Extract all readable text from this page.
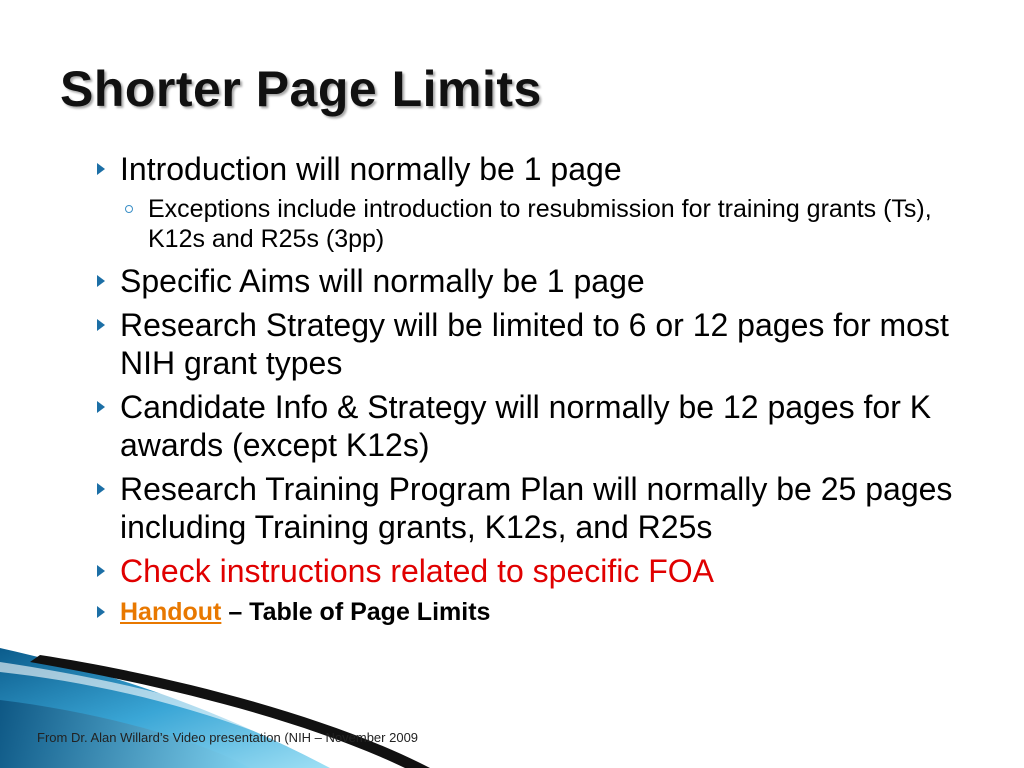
Shorter Page Limits
Introduction will normally be 1 page
Exceptions include introduction to resubmission for training grants (Ts), K12s and R25s (3pp)
Specific Aims will normally be 1 page
Research Strategy will be limited to 6 or 12 pages for most NIH grant types
Candidate Info & Strategy will normally be 12 pages for K awards (except K12s)
Research Training Program Plan will normally be 25 pages including Training grants, K12s, and R25s
Check instructions related to specific FOA
Handout – Table of Page Limits
From Dr. Alan Willard’s Video presentation (NIH – November 2009
